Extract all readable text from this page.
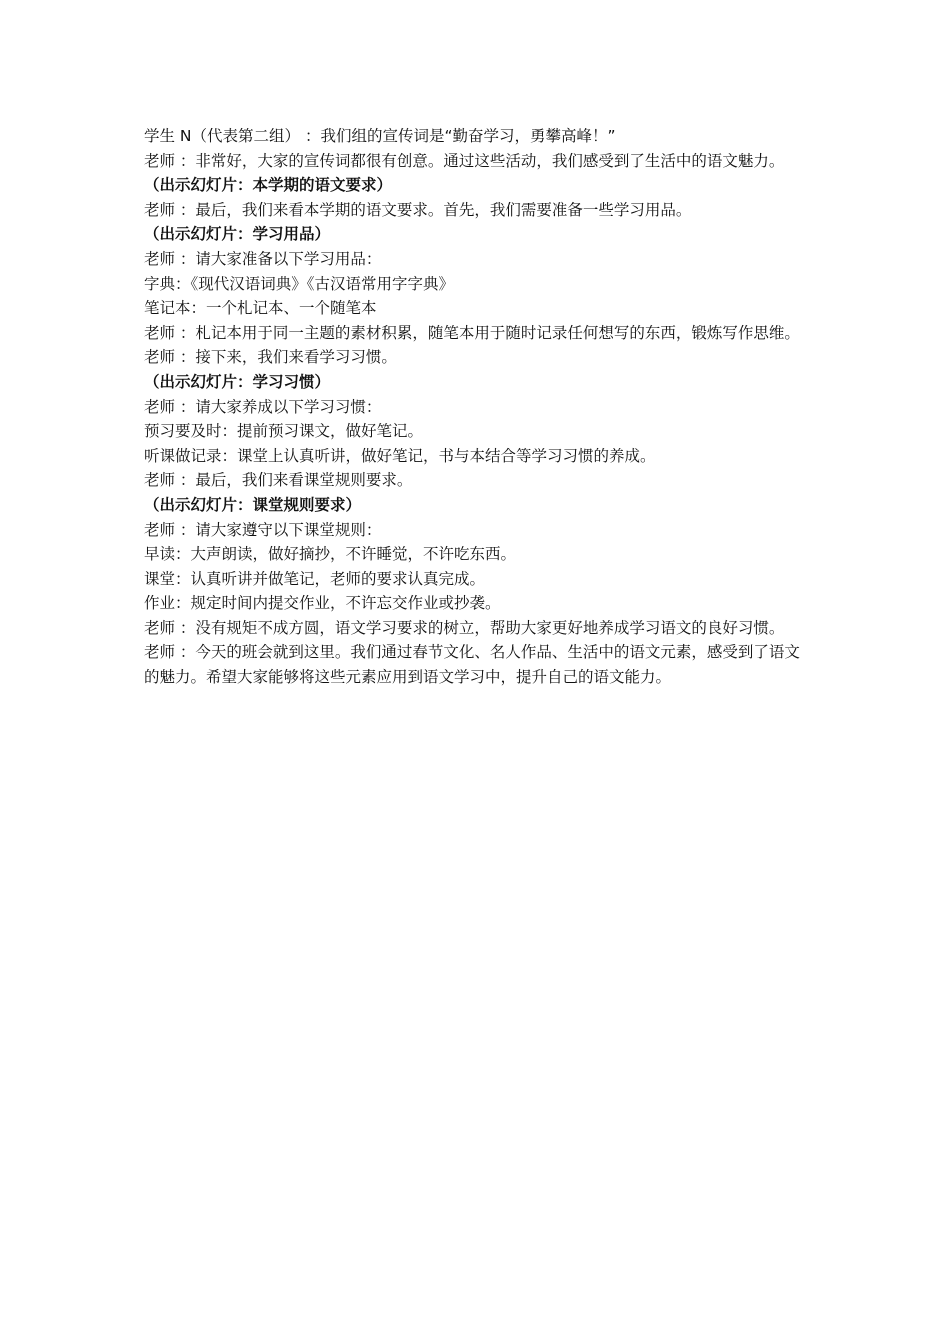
学生 N（代表第二组） ：我们组的宣传词是“勤奋学习，勇攀高峰！”

老师 ：非常好，大家的宣传词都很有创意。通过这些活动，我们感受到了生活中的语文魅力。

（出示幻灯片：本学期的语文要求）

老师 ：最后，我们来看本学期的语文要求。首先，我们需要准备一些学习用品。

（出示幻灯片：学习用品）

老师 ：请大家准备以下学习用品：

字典：《现代汉语词典》《古汉语常用字字典》

笔记本：一个札记本、一个随笔本

老师 ：札记本用于同一主题的素材积累，随笔本用于随时记录任何想写的东西，锻炼写作思维。

老师 ：接下来，我们来看学习习惯。

（出示幻灯片：学习习惯）

老师 ：请大家养成以下学习习惯：

预习要及时：提前预习课文，做好笔记。

听课做记录：课堂上认真听讲，做好笔记，书与本结合等学习习惯的养成。

老师 ：最后，我们来看课堂规则要求。

（出示幻灯片：课堂规则要求）

老师 ：请大家遵守以下课堂规则：

早读：大声朗读，做好摘抄，不许睡觉，不许吃东西。

课堂：认真听讲并做笔记，老师的要求认真完成。

作业：规定时间内提交作业，不许忘交作业或抄袭。

老师 ：没有规矩不成方圆，语文学习要求的树立，帮助大家更好地养成学习语文的良好习惯。

老师 ：今天的班会就到这里。我们通过春节文化、名人作品、生活中的语文元素，感受到了语文的魅力。希望大家能够将这些元素应用到语文学习中，提升自己的语文能力。
